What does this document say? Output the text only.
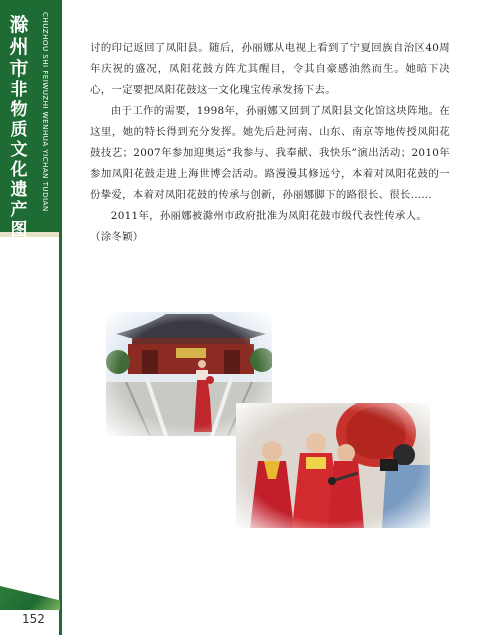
滁
州
市
非
物
质
文
化
遗
产
图
典
CHUZHOU SHI FEIWUZHI WENHUA YICHAN TUDIAN
152

讨的印记返回了凤阳县。随后，孙丽娜从电视上看到了宁夏回族自治区40周年庆祝的盛况，凤阳花鼓方阵尤其醒目，令其自豪感油然而生。她暗下决心，一定要把凤阳花鼓这一文化瑰宝传承发扬下去。

由于工作的需要，1998年，孙丽娜又回到了凤阳县文化馆这块阵地。在这里，她的特长得到充分发挥。她先后赴河南、山东、南京等地传授凤阳花鼓技艺；2007年参加迎奥运“我参与、我奉献、我快乐”演出活动；2010年参加凤阳花鼓走进上海世博会活动。路漫漫其修远兮，本着对凤阳花鼓的一份挚爱，本着对凤阳花鼓的传承与创新，孙丽娜脚下的路很长、很长……

2011年，孙丽娜被滁州市政府批准为凤阳花鼓市级代表性传承人。

（涂冬颖）
